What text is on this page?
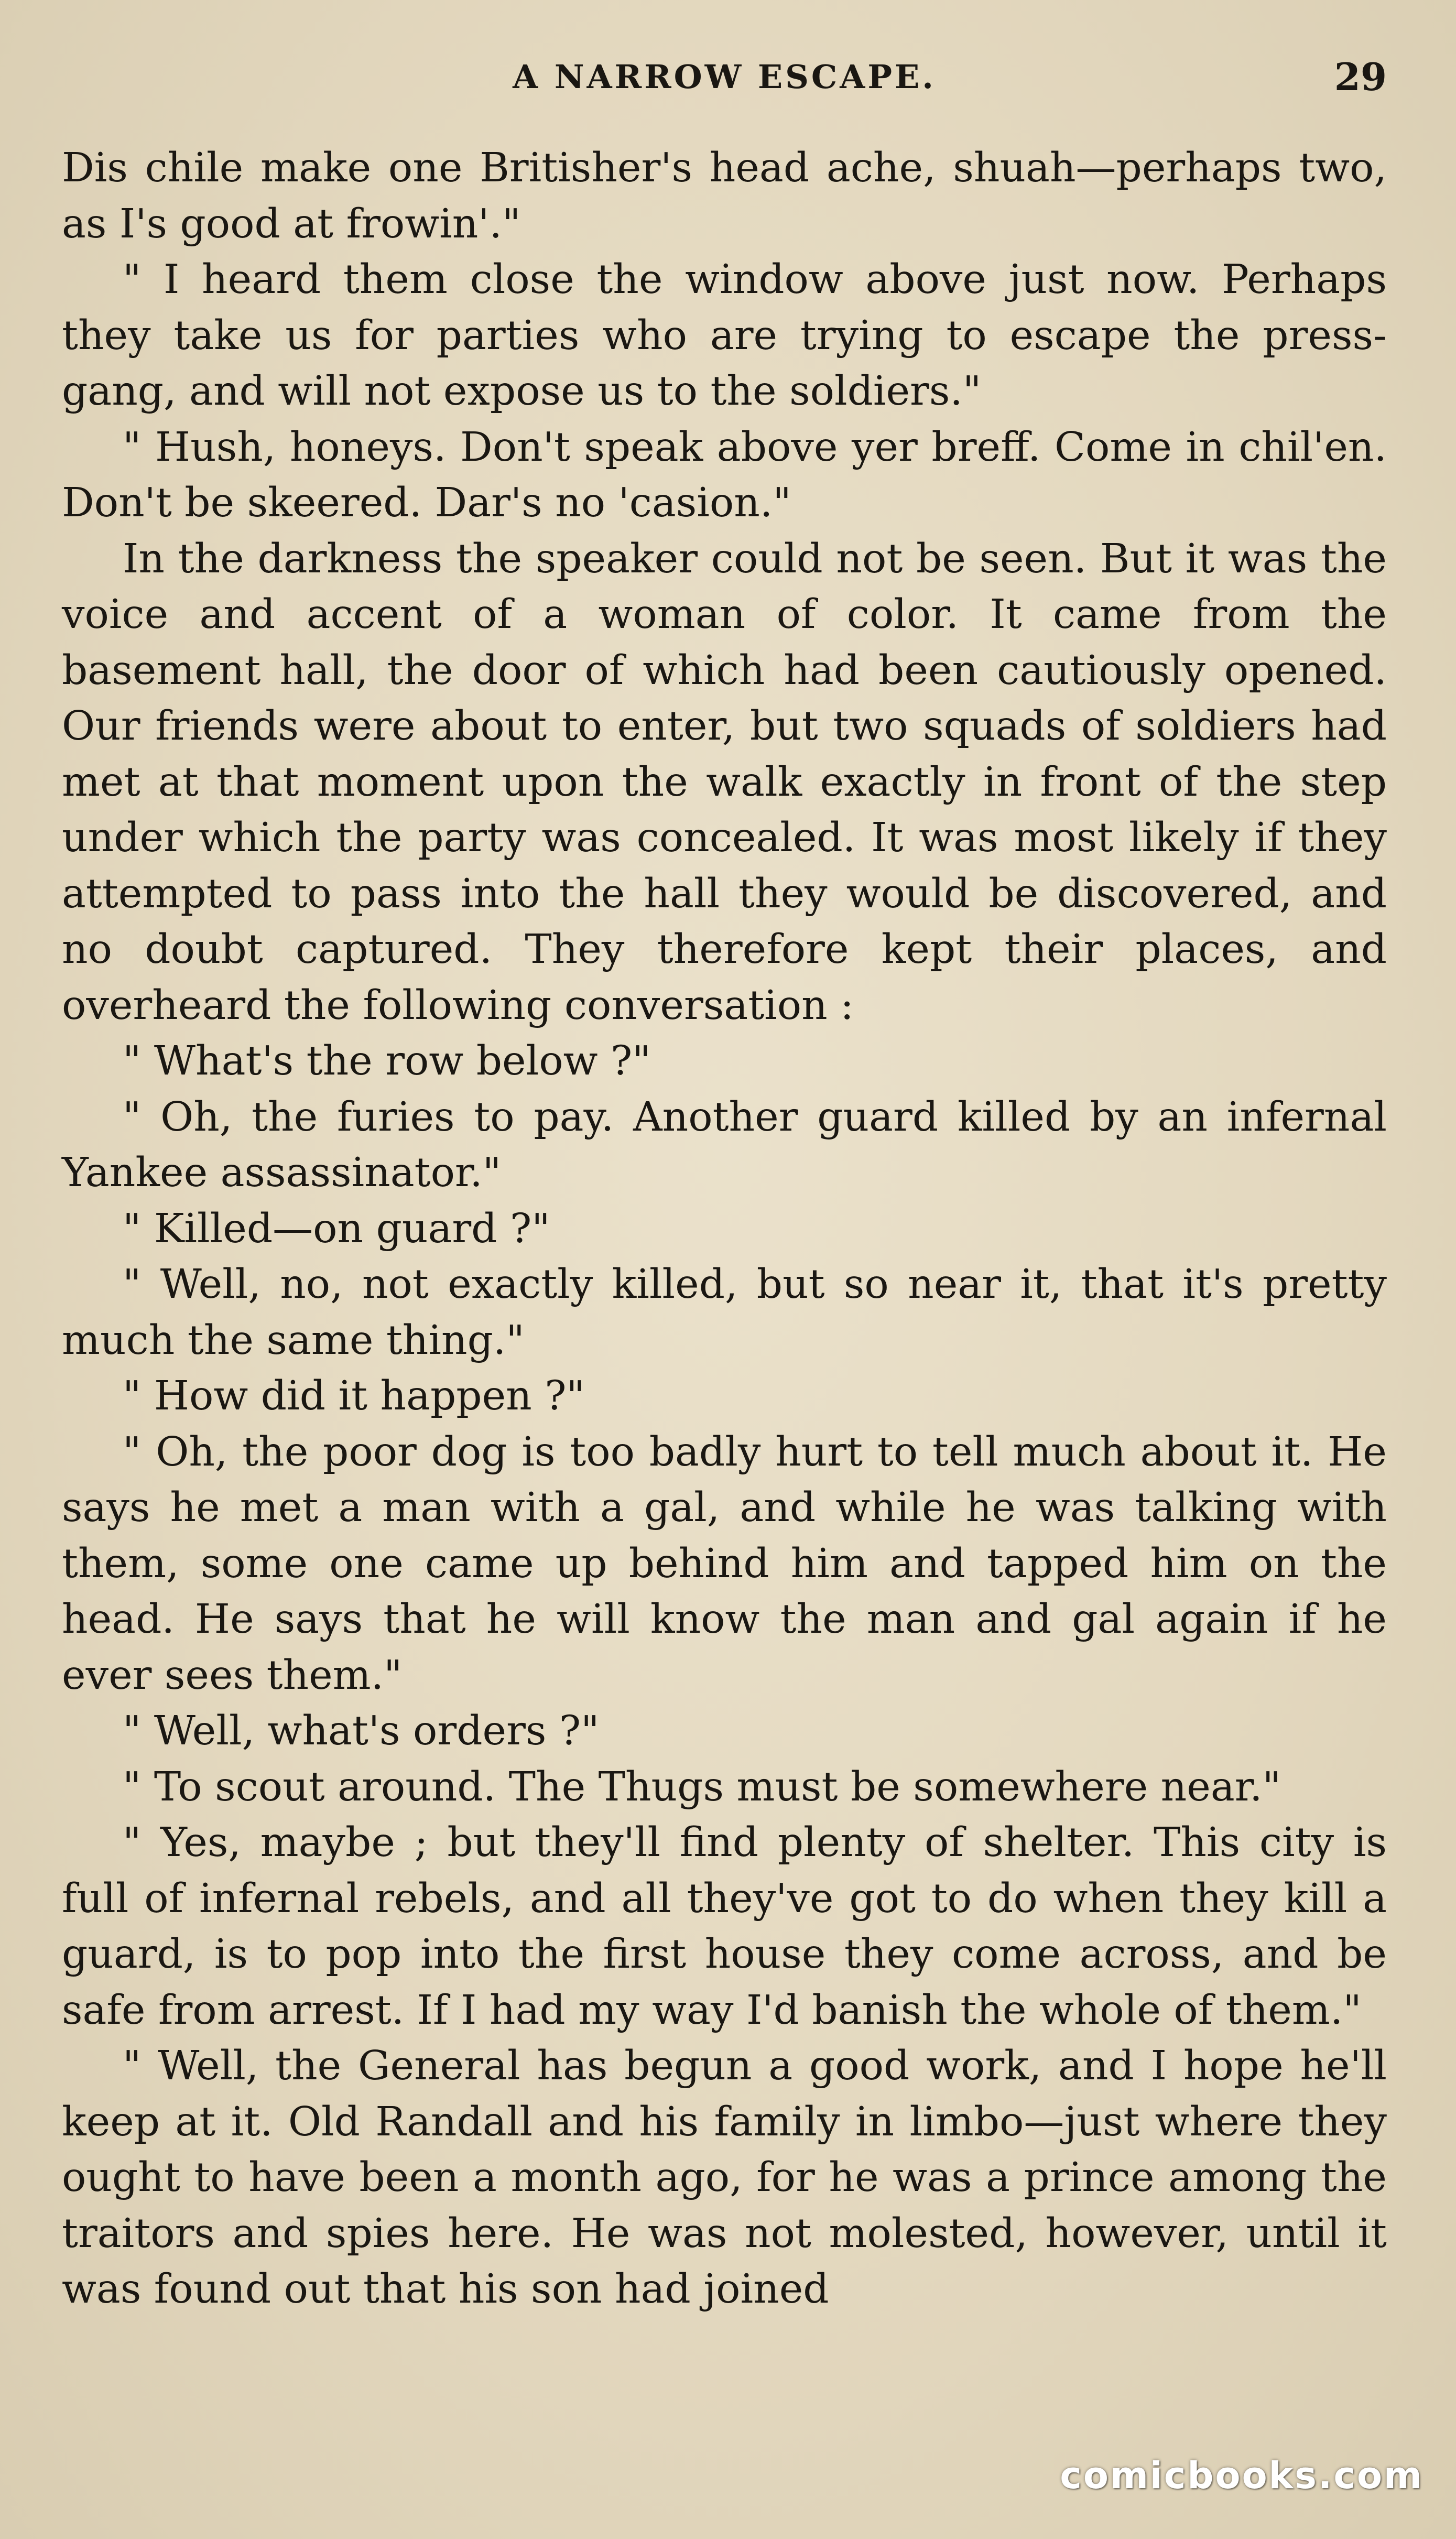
A NARROW ESCAPE.	29

Dis chile make one Britisher's head ache, shuah—perhaps two, as I's good at frowin'."

" I heard them close the window above just now. Perhaps they take us for parties who are trying to escape the press-gang, and will not expose us to the soldiers."

" Hush, honeys. Don't speak above yer breff. Come in chil'en. Don't be skeered. Dar's no 'casion."

In the darkness the speaker could not be seen. But it was the voice and accent of a woman of color. It came from the basement hall, the door of which had been cautiously opened. Our friends were about to enter, but two squads of soldiers had met at that moment upon the walk exactly in front of the step under which the party was concealed. It was most likely if they attempted to pass into the hall they would be discovered, and no doubt captured. They therefore kept their places, and overheard the following conversation :

" What's the row below ?"

" Oh, the furies to pay. Another guard killed by an infernal Yankee assassinator."

" Killed—on guard ?"

" Well, no, not exactly killed, but so near it, that it's pretty much the same thing."

" How did it happen ?"

" Oh, the poor dog is too badly hurt to tell much about it. He says he met a man with a gal, and while he was talking with them, some one came up behind him and tapped him on the head. He says that he will know the man and gal again if he ever sees them."

" Well, what's orders ?"

" To scout around. The Thugs must be somewhere near."

" Yes, maybe ; but they'll find plenty of shelter. This city is full of infernal rebels, and all they've got to do when they kill a guard, is to pop into the first house they come across, and be safe from arrest. If I had my way I'd banish the whole of them."

" Well, the General has begun a good work, and I hope he'll keep at it. Old Randall and his family in limbo—just where they ought to have been a month ago, for he was a prince among the traitors and spies here. He was not molested, however, until it was found out that his son had joined

comicbooks.com
